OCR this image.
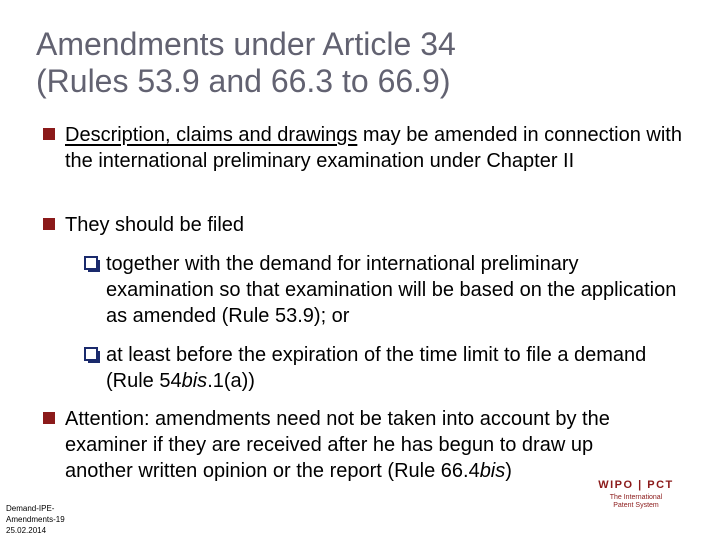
Amendments under Article 34
(Rules 53.9 and 66.3 to 66.9)
Description, claims and drawings may be amended in connection with the international preliminary examination under Chapter II
They should be filed
together with the demand for international preliminary examination so that examination will be based on the application as amended (Rule 53.9); or
at least before the expiration of the time limit to file a demand (Rule 54bis.1(a))
Attention: amendments need not be taken into account by the examiner if they are received after he has begun to draw up another written opinion or the report (Rule 66.4bis)
Demand-IPE-
Amendments-19
25.02.2014
WIPO | PCT
The International
Patent System
